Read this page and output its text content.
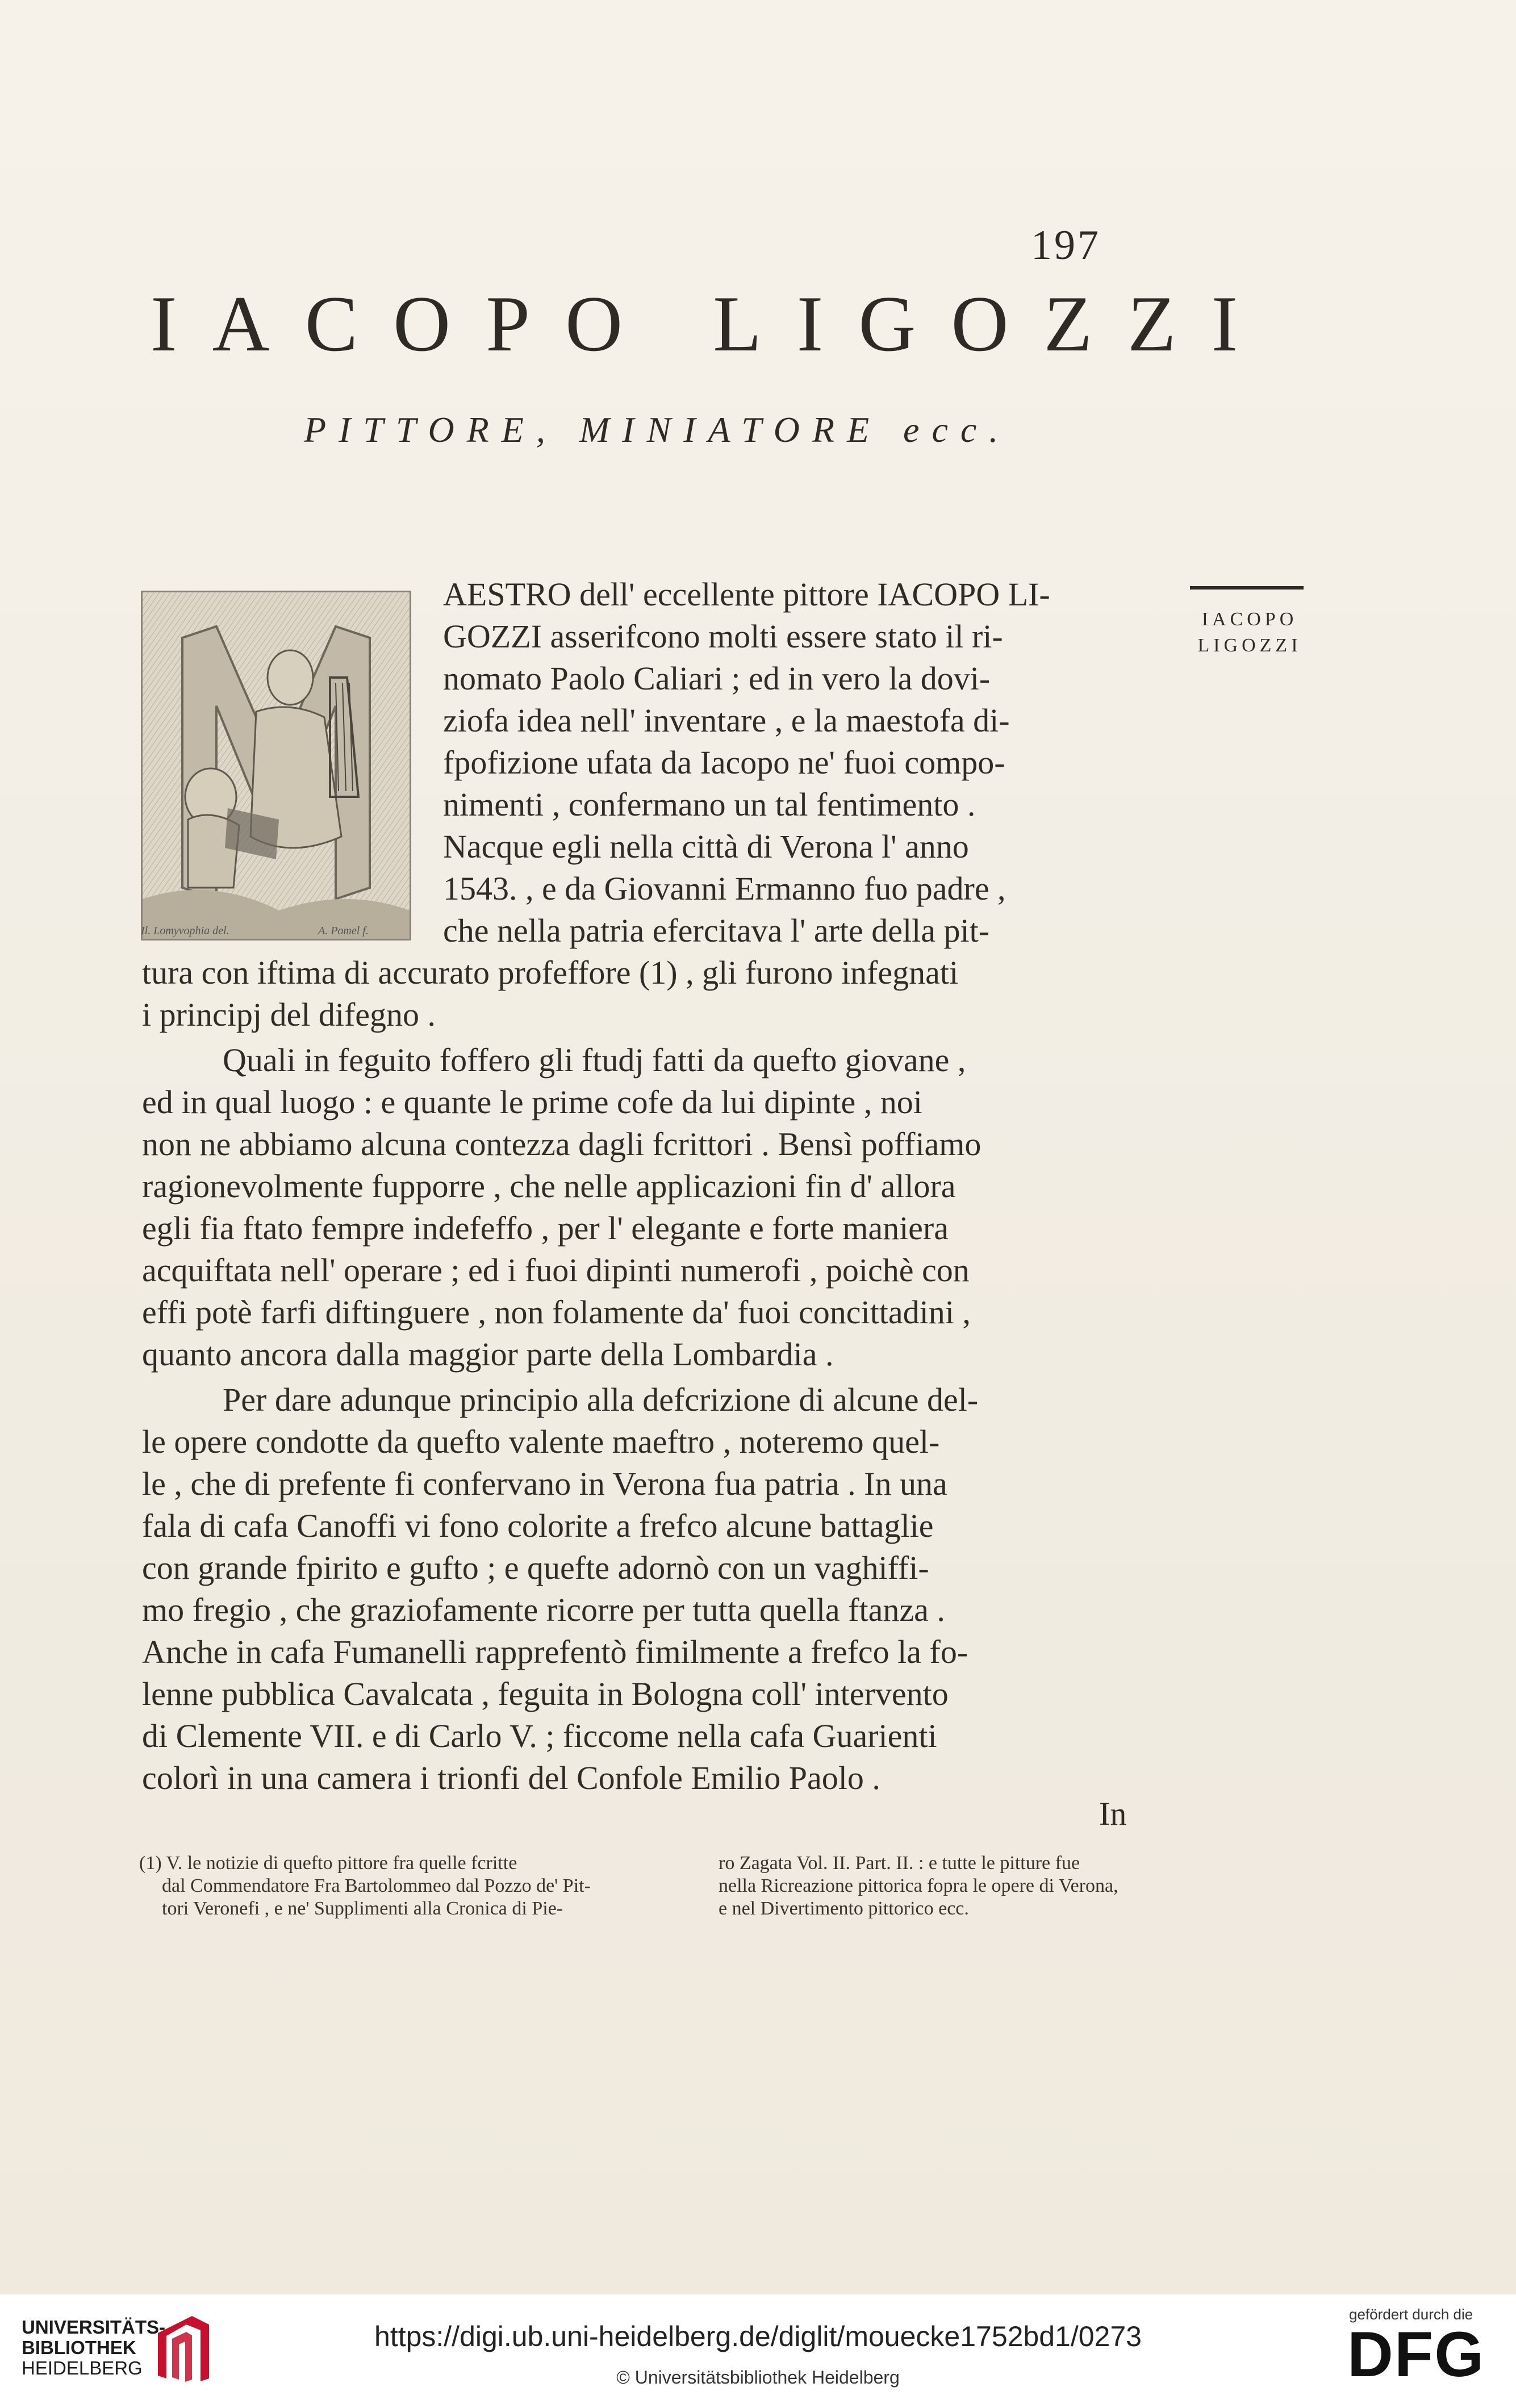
197
IACOPO LIGOZZI
PITTORE, MINIATORE ecc.
IACOPO
LIGOZZI
Il. Lomyvophia del.	A. Pomel f.
AESTRO dell' eccellente pittore IACOPO LI-
GOZZI asserifcono molti essere stato il ri-
nomato Paolo Caliari ; ed in vero la dovi-
ziofa idea nell' inventare , e la maestofa di-
fpofizione ufata da Iacopo ne' fuoi compo-
nimenti , confermano un tal fentimento .
Nacque egli nella città di Verona l' anno
1543. , e da Giovanni Ermanno fuo padre ,
che nella patria efercitava l' arte della pit-
tura con iftima di accurato profeffore (1) , gli furono infegnati
i principj del difegno .
Quali in feguito foffero gli ftudj fatti da quefto giovane ,
ed in qual luogo : e quante le prime cofe da lui dipinte , noi
non ne abbiamo alcuna contezza dagli fcrittori . Bensì poffiamo
ragionevolmente fupporre , che nelle applicazioni fin d' allora
egli fia ftato fempre indefeffo , per l' elegante e forte maniera
acquiftata nell' operare ; ed i fuoi dipinti numerofi , poichè con
effi potè farfi diftinguere , non folamente da' fuoi concittadini ,
quanto ancora dalla maggior parte della Lombardia .
Per dare adunque principio alla defcrizione di alcune del-
le opere condotte da quefto valente maeftro , noteremo quel-
le , che di prefente fi confervano in Verona fua patria . In una
fala di cafa Canoffi vi fono colorite a frefco alcune battaglie
con grande fpirito e gufto ; e quefte adornò con un vaghiffi-
mo fregio , che graziofamente ricorre per tutta quella ftanza .
Anche in cafa Fumanelli rapprefentò fimilmente a frefco la fo-
lenne pubblica Cavalcata , feguita in Bologna coll' intervento
di Clemente VII. e di Carlo V. ; ficcome nella cafa Guarienti
colorì in una camera i trionfi del Confole Emilio Paolo .
In
(1) V. le notizie di quefto pittore fra quelle fcritte
dal Commendatore Fra Bartolommeo dal Pozzo de' Pit-
tori Veronefi , e ne' Supplimenti alla Cronica di Pie-
ro Zagata Vol. II. Part. II. : e tutte le pitture fue
nella Ricreazione pittorica fopra le opere di Verona,
e nel Divertimento pittorico ecc.
UNIVERSITÄTS-
BIBLIOTHEK
HEIDELBERG
https://digi.ub.uni-heidelberg.de/diglit/mouecke1752bd1/0273
© Universitätsbibliothek Heidelberg
gefördert durch die
DFG
